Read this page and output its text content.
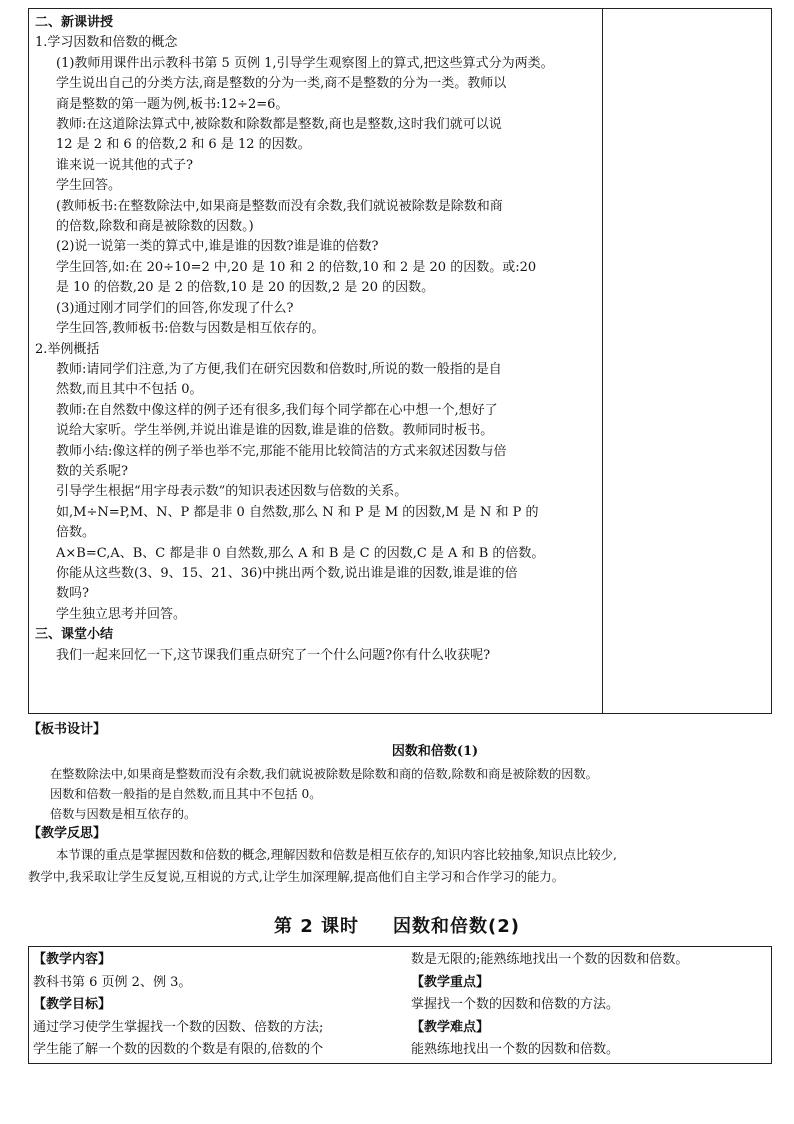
二、新课讲授
1.学习因数和倍数的概念
(1)教师用课件出示教科书第 5 页例 1,引导学生观察图上的算式,把这些算式分为两类。
学生说出自己的分类方法,商是整数的分为一类,商不是整数的分为一类。教师以
商是整数的第一题为例,板书:12÷2=6。
教师:在这道除法算式中,被除数和除数都是整数,商也是整数,这时我们就可以说
12 是 2 和 6 的倍数,2 和 6 是 12 的因数。
谁来说一说其他的式子?
学生回答。
(教师板书:在整数除法中,如果商是整数而没有余数,我们就说被除数是除数和商
的倍数,除数和商是被除数的因数。)
(2)说一说第一类的算式中,谁是谁的因数?谁是谁的倍数?
学生回答,如:在 20÷10=2 中,20 是 10 和 2 的倍数,10 和 2 是 20 的因数。或:20
是 10 的倍数,20 是 2 的倍数,10 是 20 的因数,2 是 20 的因数。
(3)通过刚才同学们的回答,你发现了什么?
学生回答,教师板书:倍数与因数是相互依存的。
2.举例概括
教师:请同学们注意,为了方便,我们在研究因数和倍数时,所说的数一般指的是自
然数,而且其中不包括 0。
教师:在自然数中像这样的例子还有很多,我们每个同学都在心中想一个,想好了
说给大家听。学生举例,并说出谁是谁的因数,谁是谁的倍数。教师同时板书。
教师小结:像这样的例子举也举不完,那能不能用比较简洁的方式来叙述因数与倍
数的关系呢?
引导学生根据“用字母表示数”的知识表述因数与倍数的关系。
如,M÷N=P,M、N、P 都是非 0 自然数,那么 N 和 P 是 M 的因数,M 是 N 和 P 的
倍数。
A×B=C,A、B、C 都是非 0 自然数,那么 A 和 B 是 C 的因数,C 是 A 和 B 的倍数。
你能从这些数(3、9、15、21、36)中挑出两个数,说出谁是谁的因数,谁是谁的倍
数吗?
学生独立思考并回答。
三、课堂小结
我们一起来回忆一下,这节课我们重点研究了一个什么问题?你有什么收获呢?
【板书设计】
因数和倍数(1)
在整数除法中,如果商是整数而没有余数,我们就说被除数是除数和商的倍数,除数和商是被除数的因数。
因数和倍数一般指的是自然数,而且其中不包括 0。
倍数与因数是相互依存的。
【教学反思】
本节课的重点是掌握因数和倍数的概念,理解因数和倍数是相互依存的,知识内容比较抽象,知识点比较少,
教学中,我采取让学生反复说,互相说的方式,让学生加深理解,提高他们自主学习和合作学习的能力。
第 2 课时 因数和倍数(2)
【教学内容】
教科书第 6 页例 2、例 3。
【教学目标】
通过学习使学生掌握找一个数的因数、倍数的方法;
学生能了解一个数的因数的个数是有限的,倍数的个
数是无限的;能熟练地找出一个数的因数和倍数。
【教学重点】
掌握找一个数的因数和倍数的方法。
【教学难点】
能熟练地找出一个数的因数和倍数。
